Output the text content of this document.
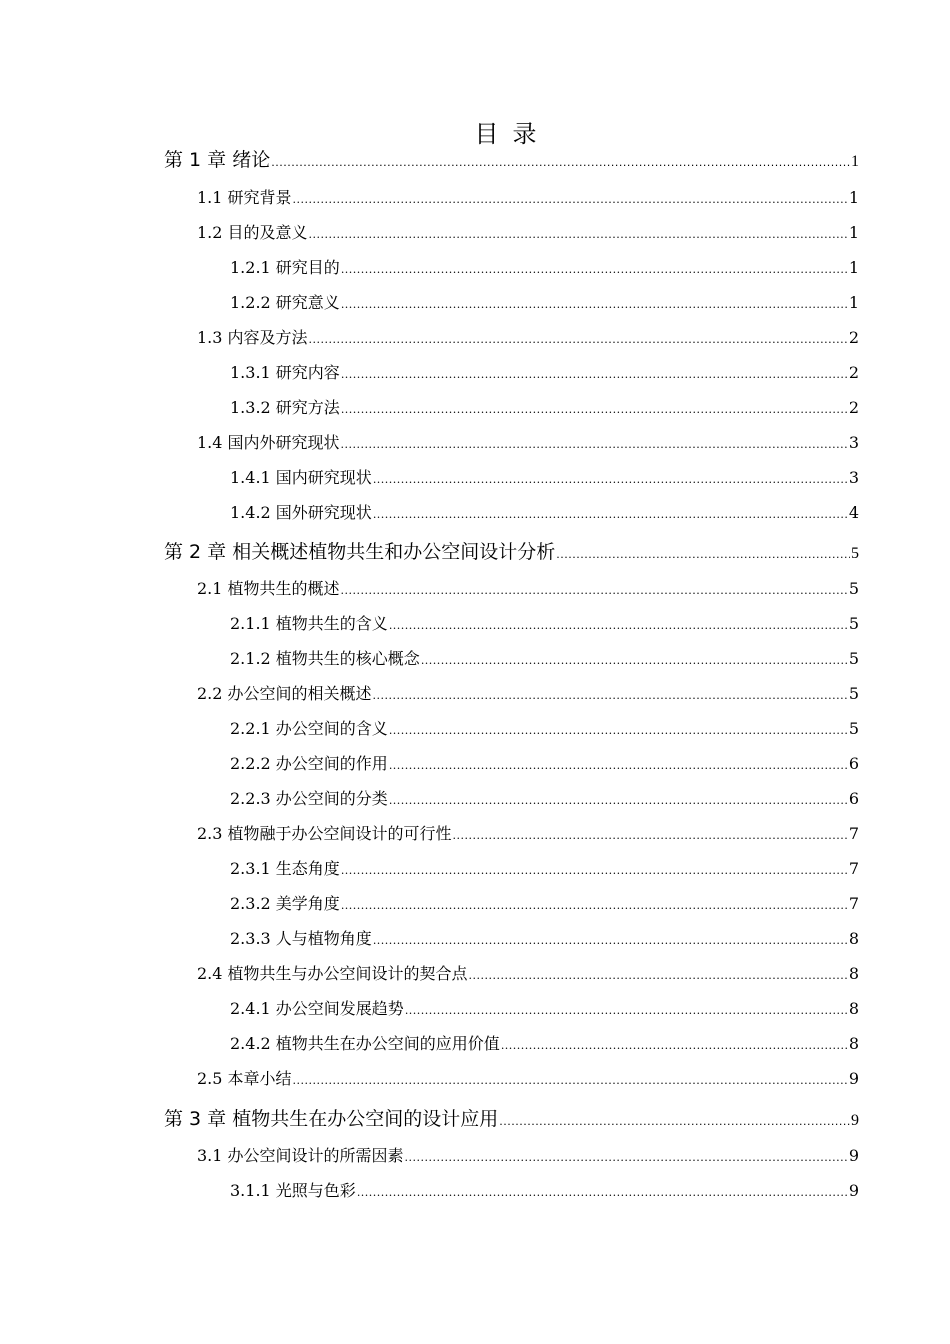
目录
第 1 章 绪论 .....	1
1.1 研究背景 .....	1
1.2 目的及意义 .....	1
1.2.1 研究目的 .....	1
1.2.2 研究意义 .....	1
1.3 内容及方法 .....	2
1.3.1 研究内容 .....	2
1.3.2 研究方法 .....	2
1.4 国内外研究现状 .....	3
1.4.1 国内研究现状 .....	3
1.4.2 国外研究现状 .....	4
第 2 章 相关概述植物共生和办公空间设计分析 .....	5
2.1 植物共生的概述 .....	5
2.1.1 植物共生的含义 .....	5
2.1.2 植物共生的核心概念 .....	5
2.2 办公空间的相关概述 .....	5
2.2.1 办公空间的含义 .....	5
2.2.2 办公空间的作用 .....	6
2.2.3 办公空间的分类 .....	6
2.3 植物融于办公空间设计的可行性 .....	7
2.3.1 生态角度 .....	7
2.3.2 美学角度 .....	7
2.3.3 人与植物角度 .....	8
2.4 植物共生与办公空间设计的契合点 .....	8
2.4.1 办公空间发展趋势 .....	8
2.4.2 植物共生在办公空间的应用价值 .....	8
2.5 本章小结 .....	9
第 3 章 植物共生在办公空间的设计应用 .....	9
3.1 办公空间设计的所需因素 .....	9
3.1.1 光照与色彩 .....	9
